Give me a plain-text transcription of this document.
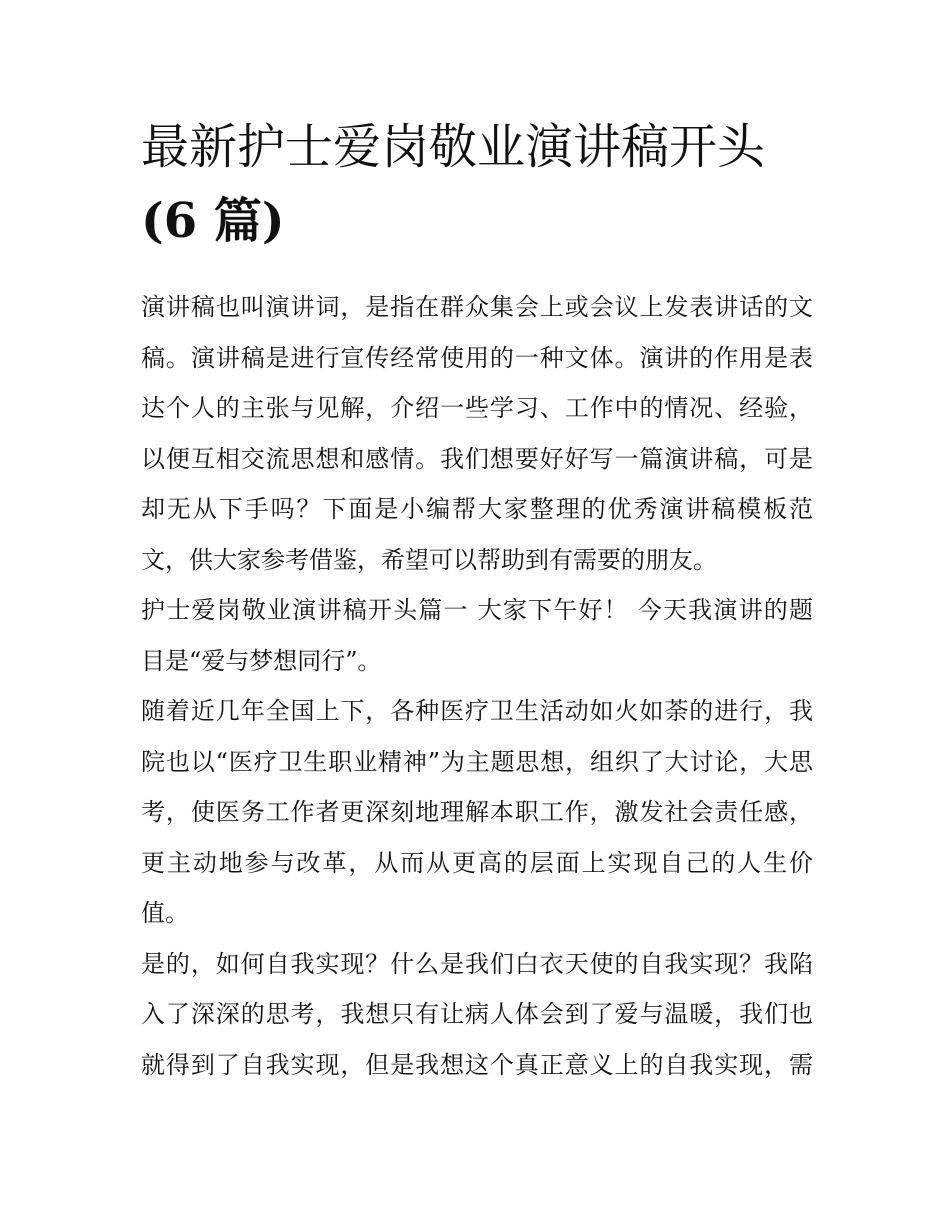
最新护士爱岗敬业演讲稿开头
(6 篇)

演讲稿也叫演讲词，是指在群众集会上或会议上发表讲话的文
稿。演讲稿是进行宣传经常使用的一种文体。演讲的作用是表
达个人的主张与见解，介绍一些学习、工作中的情况、经验，
以便互相交流思想和感情。我们想要好好写一篇演讲稿，可是
却无从下手吗？下面是小编帮大家整理的优秀演讲稿模板范
文，供大家参考借鉴，希望可以帮助到有需要的朋友。

护士爱岗敬业演讲稿开头篇一 大家下午好！ 今天我演讲的题
目是“爱与梦想同行”。

随着近几年全国上下，各种医疗卫生活动如火如荼的进行，我
院也以“医疗卫生职业精神”为主题思想，组织了大讨论，大思
考，使医务工作者更深刻地理解本职工作，激发社会责任感，
更主动地参与改革，从而从更高的层面上实现自己的人生价
值。

是的，如何自我实现？什么是我们白衣天使的自我实现？我陷
入了深深的思考，我想只有让病人体会到了爱与温暖，我们也
就得到了自我实现，但是我想这个真正意义上的自我实现，需
